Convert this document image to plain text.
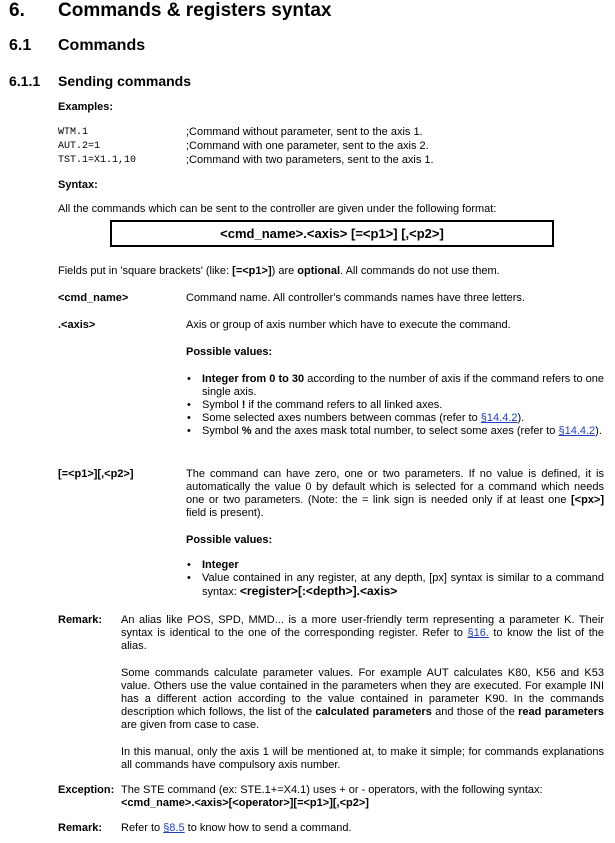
6. Commands & registers syntax
6.1 Commands
6.1.1 Sending commands
Examples:
WTM.1	;Command without parameter, sent to the axis 1.
AUT.2=1	;Command with one parameter, sent to the axis 2.
TST.1=X1.1,10	;Command with two parameters, sent to the axis 1.
Syntax:
All the commands which can be sent to the controller are given under the following format:
<cmd_name>.<axis> [=<p1>] [,<p2>]
Fields put in 'square brackets' (like: [=<p1>]) are optional. All commands do not use them.
<cmd_name>	Command name. All controller's commands names have three letters.
.<axis>	Axis or group of axis number which have to execute the command.
Possible values:
• Integer from 0 to 30 according to the number of axis if the command refers to one single axis.
• Symbol ! if the command refers to all linked axes.
• Some selected axes numbers between commas (refer to §14.4.2).
• Symbol % and the axes mask total number, to select some axes (refer to §14.4.2).
[=<p1>][,<p2>]	The command can have zero, one or two parameters. If no value is defined, it is automatically the value 0 by default which is selected for a command which needs one or two parameters. (Note: the = link sign is needed only if at least one [<px>] field is present).
Possible values:
• Integer
• Value contained in any register, at any depth, [px] syntax is similar to a command syntax: <register>[:<depth>].<axis>
Remark: An alias like POS, SPD, MMD... is a more user-friendly term representing a parameter K. Their syntax is identical to the one of the corresponding register. Refer to §16. to know the list of the alias.
Some commands calculate parameter values. For example AUT calculates K80, K56 and K53 value. Others use the value contained in the parameters when they are executed. For example INI has a different action according to the value contained in parameter K90. In the commands description which follows, the list of the calculated parameters and those of the read parameters are given from case to case.
In this manual, only the axis 1 will be mentioned at, to make it simple; for commands explanations all commands have compulsory axis number.
Exception: The STE command (ex: STE.1+=X4.1) uses + or - operators, with the following syntax:
<cmd_name>.<axis>[<operator>][=<p1>][,<p2>]
Remark: Refer to §8.5 to know how to send a command.
